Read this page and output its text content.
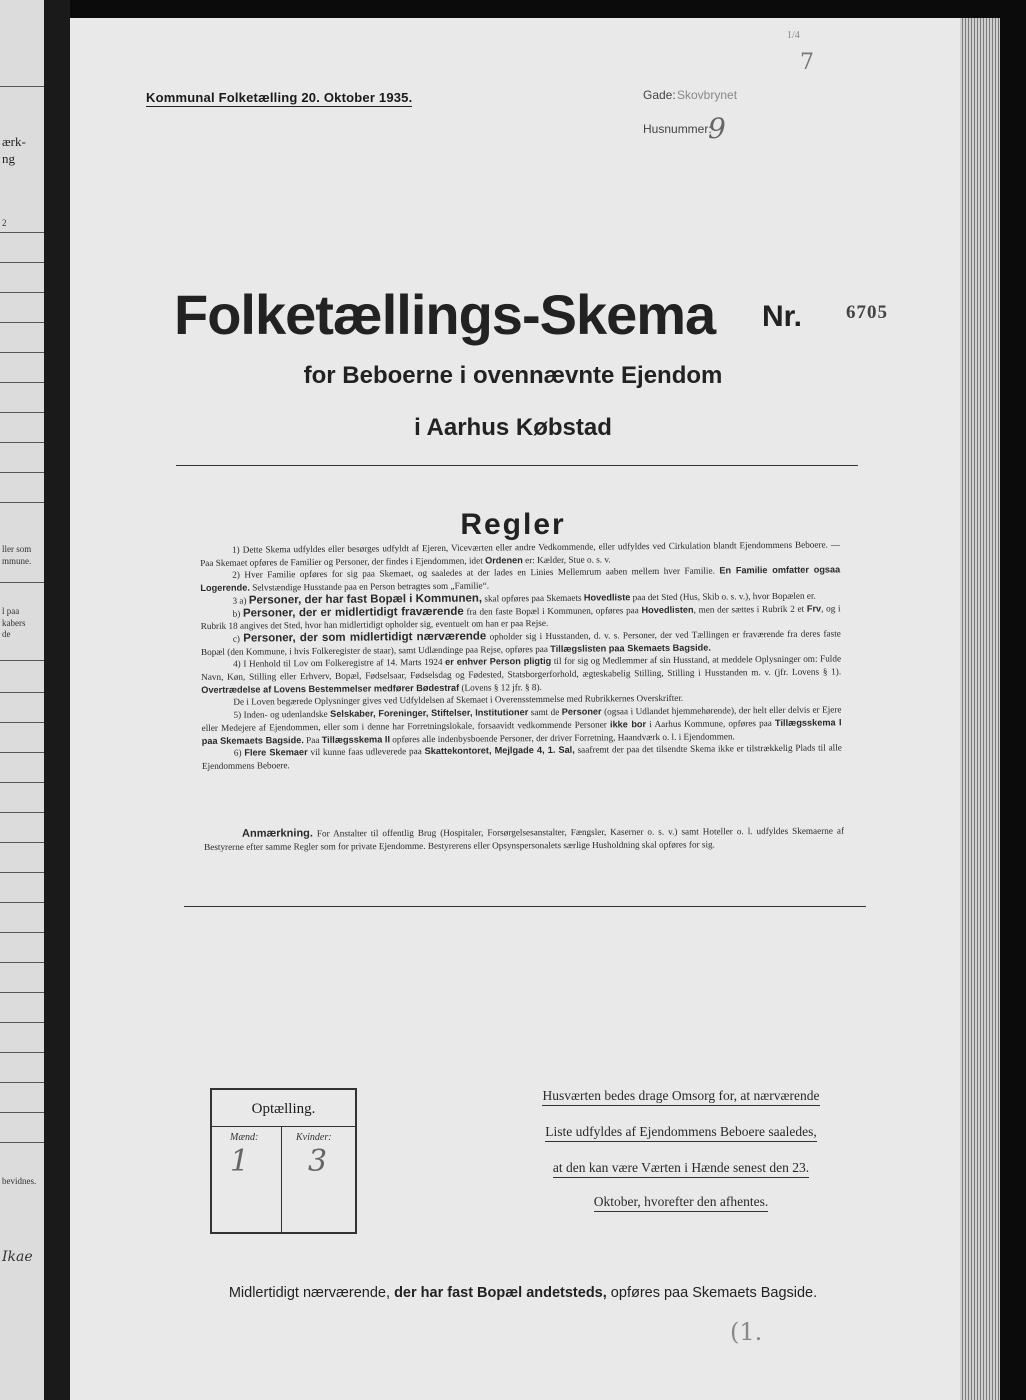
ærk-
ng
2
ller som
mmune.
l paa
kabers
de
bevidnes.
Ikae
1/4
7
Kommunal Folketælling 20. Oktober 1935.	Gade: Skovbrynet
Husnummer:
9
Folketællings-Skema Nr. 6705
for Beboerne i ovennævnte Ejendom
i Aarhus Købstad
Regler

1) Dette Skema udfyldes eller besørges udfyldt af Ejeren, Viceværten eller andre Vedkommende, eller udfyldes ved Cirkulation blandt Ejendommens Beboere. — Paa Skemaet opføres de Familier og Personer, der findes i Ejendommen, idet Ordenen er: Kælder, Stue o. s. v.

2) Hver Familie opføres for sig paa Skemaet, og saaledes at der lades en Linies Mellemrum aaben mellem hver Familie. En Familie omfatter ogsaa Logerende. Selvstændige Husstande paa en Person betragtes som „Familie“.

3 a) Personer, der har fast Bopæl i Kommunen, skal opføres paa Skemaets Hovedliste paa det Sted (Hus, Skib o. s. v.), hvor Bopælen er.

b) Personer, der er midlertidigt fraværende fra den faste Bopæl i Kommunen, opføres paa Hovedlisten, men der sættes i Rubrik 2 et Frv, og i Rubrik 18 angives det Sted, hvor han midlertidigt opholder sig, eventuelt om han er paa Rejse.

c) Personer, der som midlertidigt nærværende opholder sig i Husstanden, d. v. s. Personer, der ved Tællingen er fraværende fra deres faste Bopæl (den Kommune, i hvis Folkeregister de staar), samt Udlændinge paa Rejse, opføres paa Tillægslisten paa Skemaets Bagside.

4) I Henhold til Lov om Folkeregistre af 14. Marts 1924 er enhver Person pligtig til for sig og Medlemmer af sin Husstand, at meddele Oplysninger om: Fulde Navn, Køn, Stilling eller Erhverv, Bopæl, Fødselsaar, Fødselsdag og Fødested, Statsborgerforhold, ægteskabelig Stilling, Stilling i Husstanden m. v. (jfr. Lovens § 1). Overtrædelse af Lovens Bestemmelser medfører Bødestraf (Lovens § 12 jfr. § 8).

De i Loven begærede Oplysninger gives ved Udfyldelsen af Skemaet i Overensstemmelse med Rubrikkernes Overskrifter.

5) Inden- og udenlandske Selskaber, Foreninger, Stiftelser, Institutioner samt de Personer (ogsaa i Udlandet hjemmehørende), der helt eller delvis er Ejere eller Medejere af Ejendommen, eller som i denne har Forretningslokale, forsaavidt vedkommende Personer ikke bor i Aarhus Kommune, opføres paa Tillægsskema I paa Skemaets Bagside. Paa Tillægsskema II opføres alle indenbysboende Personer, der driver Forretning, Haandværk o. l. i Ejendommen.

6) Flere Skemaer vil kunne faas udleverede paa Skattekontoret, Mejlgade 4, 1. Sal, saafremt der paa det tilsendte Skema ikke er tilstrækkelig Plads til alle Ejendommens Beboere.

Anmærkning. For Anstalter til offentlig Brug (Hospitaler, Forsørgelsesanstalter, Fængsler, Kaserner o. s. v.) samt Hoteller o. l. udfyldes Skemaerne af Bestyrerne efter samme Regler som for private Ejendomme. Bestyrerens eller Opsynspersonalets særlige Husholdning skal opføres for sig.
Optælling.
Mænd:	Kvinder:
1 3
Husværten bedes drage Omsorg for, at nærværende
Liste udfyldes af Ejendommens Beboere saaledes,
at den kan være Værten i Hænde senest den 23.
Oktober, hvorefter den afhentes.
Midlertidigt nærværende, der har fast Bopæl andetsteds, opføres paa Skemaets Bagside.
(1.
